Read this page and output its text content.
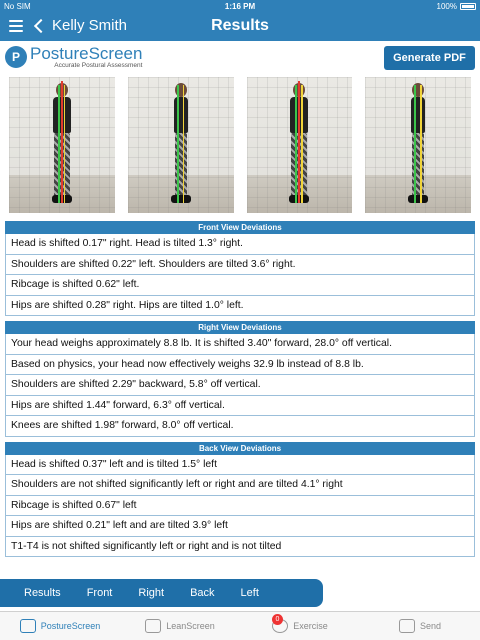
No SIM	1:16 PM	100%
Kelly Smith	Results
P PostureScreen
Accurate Postural Assessment
Generate PDF
Front View Deviations
Head is shifted 0.17" right. Head is tilted 1.3° right.
Shoulders are shifted 0.22" left. Shoulders are tilted 3.6° right.
Ribcage is shifted 0.62" left.
Hips are shifted 0.28" right. Hips are tilted 1.0° left.
Right View Deviations
Your head weighs approximately 8.8 lb. It is shifted 3.40" forward, 28.0° off vertical.
Based on physics, your head now effectively weighs 32.9 lb instead of 8.8 lb.
Shoulders are shifted 2.29" backward, 5.8° off vertical.
Hips are shifted 1.44" forward, 6.3° off vertical.
Knees are shifted 1.98" forward, 8.0° off vertical.
Back View Deviations
Head is shifted 0.37" left and is tilted 1.5° left
Shoulders are not shifted significantly left or right and are tilted 4.1° right
Ribcage is shifted 0.67" left
Hips are shifted 0.21" left and are tilted 3.9° left
T1-T4 is not shifted significantly left or right and is not tilted
Results	Front	Right	Back	Left
PostureScreen	LeanScreen
0
Exercise	Send
